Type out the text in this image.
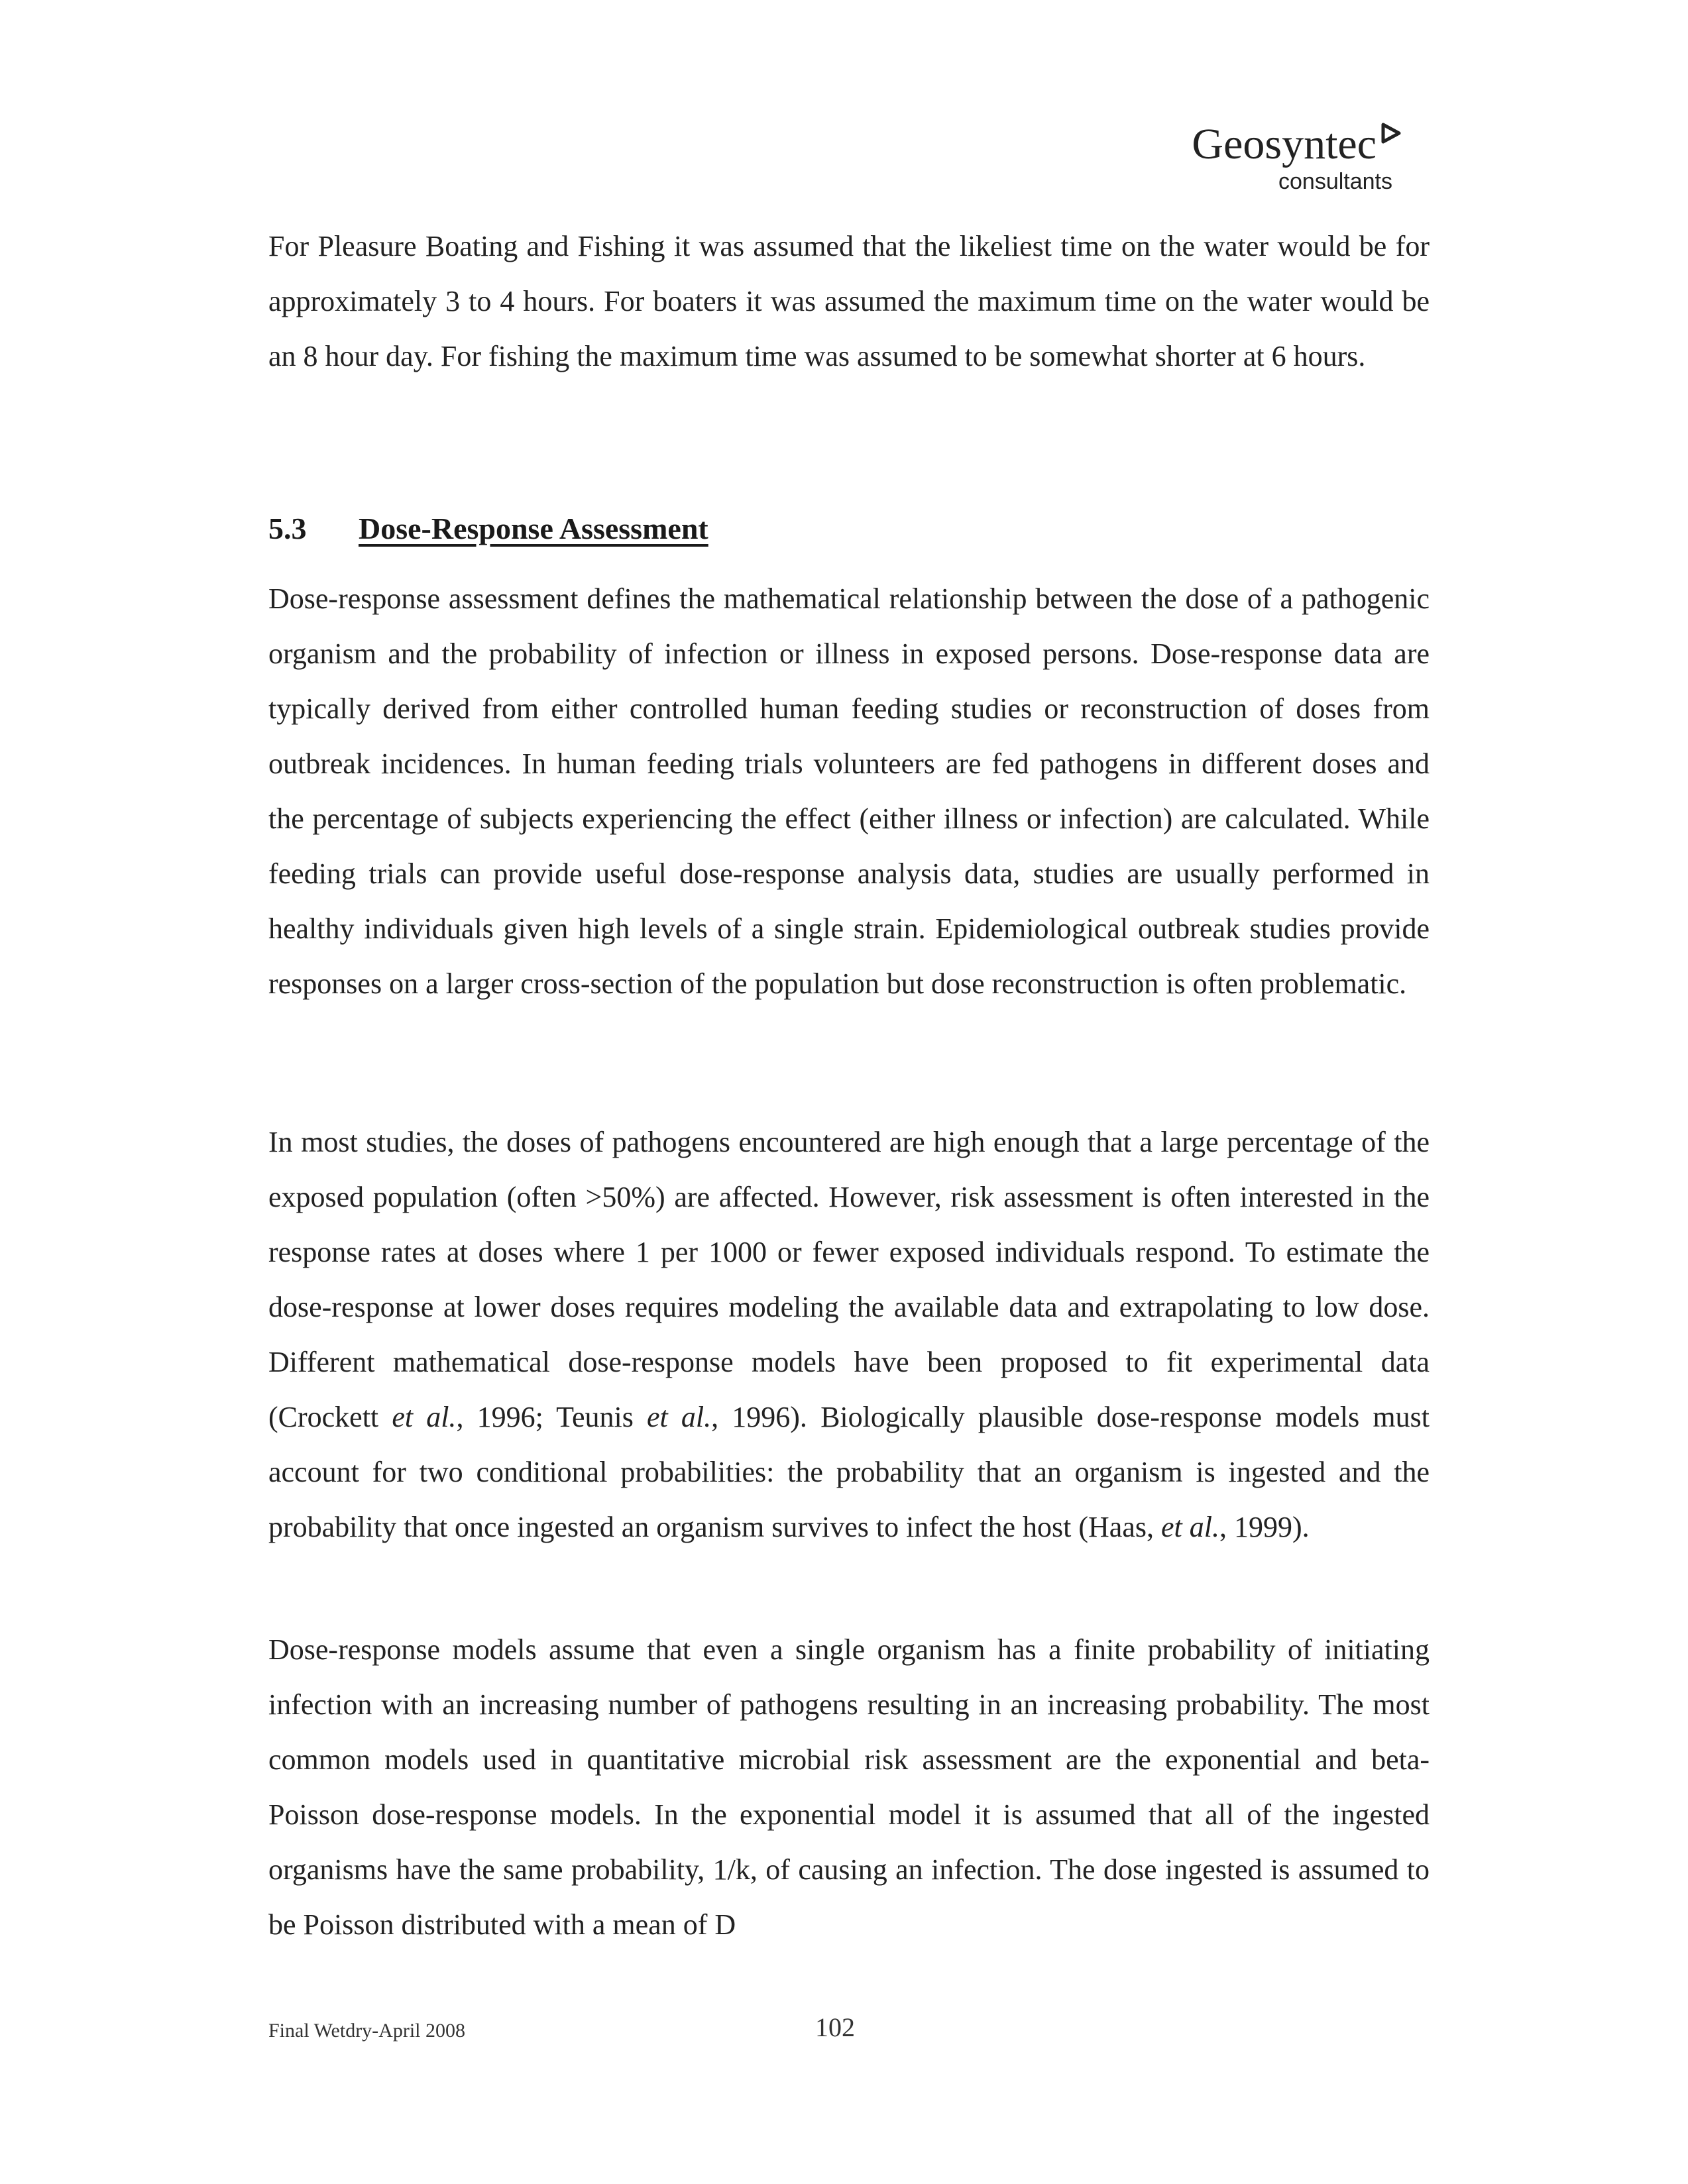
Geosyntec
consultants

For Pleasure Boating and Fishing it was assumed that the likeliest time on the water would be for approximately 3 to 4 hours. For boaters it was assumed the maximum time on the water would be an 8 hour day. For fishing the maximum time was assumed to be somewhat shorter at 6 hours.

5.3 Dose-Response Assessment

Dose-response assessment defines the mathematical relationship between the dose of a pathogenic organism and the probability of infection or illness in exposed persons. Dose-response data are typically derived from either controlled human feeding studies or reconstruction of doses from outbreak incidences. In human feeding trials volunteers are fed pathogens in different doses and the percentage of subjects experiencing the effect (either illness or infection) are calculated. While feeding trials can provide useful dose-response analysis data, studies are usually performed in healthy individuals given high levels of a single strain. Epidemiological outbreak studies provide responses on a larger cross-section of the population but dose reconstruction is often problematic.

In most studies, the doses of pathogens encountered are high enough that a large percentage of the exposed population (often >50%) are affected. However, risk assessment is often interested in the response rates at doses where 1 per 1000 or fewer exposed individuals respond. To estimate the dose-response at lower doses requires modeling the available data and extrapolating to low dose. Different mathematical dose-response models have been proposed to fit experimental data (Crockett et al., 1996; Teunis et al., 1996). Biologically plausible dose-response models must account for two conditional probabilities: the probability that an organism is ingested and the probability that once ingested an organism survives to infect the host (Haas, et al., 1999).

Dose-response models assume that even a single organism has a finite probability of initiating infection with an increasing number of pathogens resulting in an increasing probability. The most common models used in quantitative microbial risk assessment are the exponential and beta-Poisson dose-response models. In the exponential model it is assumed that all of the ingested organisms have the same probability, 1/k, of causing an infection. The dose ingested is assumed to be Poisson distributed with a mean of D

Final Wetdry-April 2008	102
